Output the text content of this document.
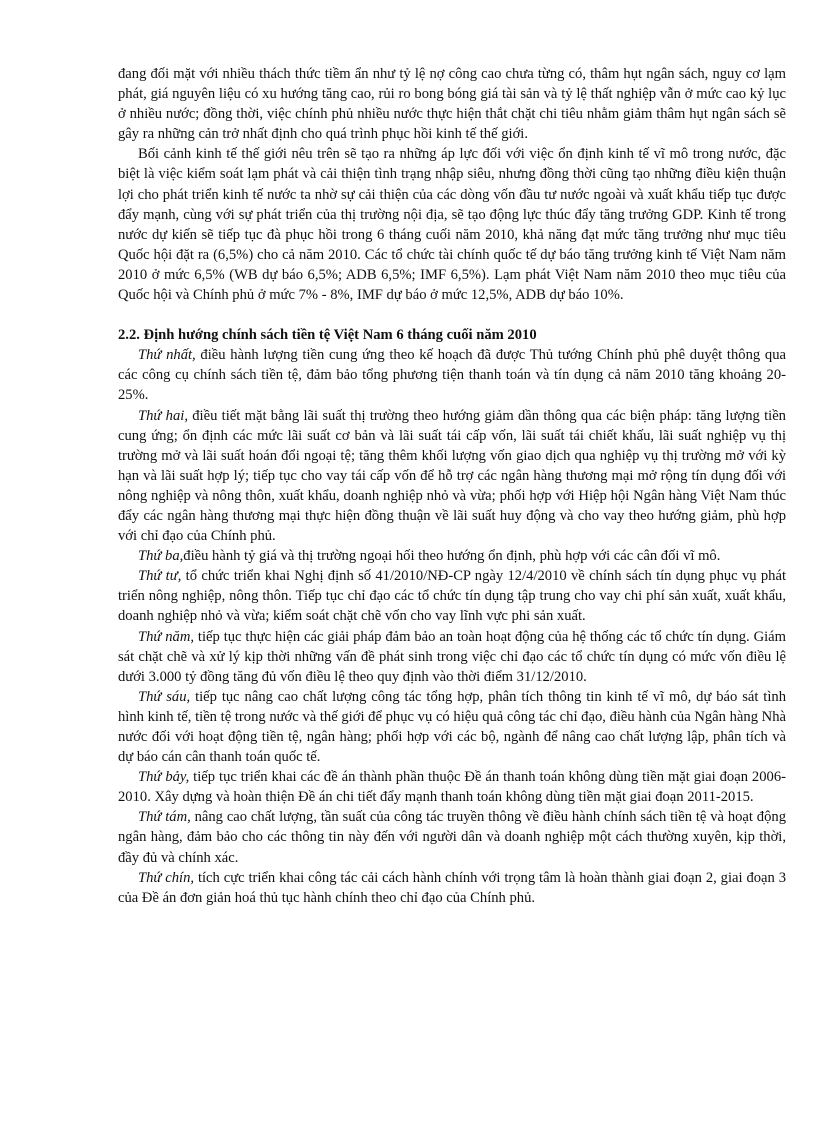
đang đối mặt với nhiều thách thức tiềm ẩn như tỷ lệ nợ công cao chưa từng có, thâm hụt ngân sách, nguy cơ lạm phát, giá nguyên liệu có xu hướng tăng cao, rủi ro bong bóng giá tài sản và tỷ lệ thất nghiệp vẫn ở mức cao kỷ lục ở nhiều nước; đồng thời, việc chính phủ nhiều nước thực hiện thắt chặt chi tiêu nhằm giảm thâm hụt ngân sách sẽ gây ra những cản trở nhất định cho quá trình phục hồi kinh tế thế giới.

Bối cảnh kinh tế thế giới nêu trên sẽ tạo ra những áp lực đối với việc ổn định kinh tế vĩ mô trong nước, đặc biệt là việc kiểm soát lạm phát và cải thiện tình trạng nhập siêu, nhưng đồng thời cũng tạo những điều kiện thuận lợi cho phát triển kinh tế nước ta nhờ sự cải thiện của các dòng vốn đầu tư nước ngoài và xuất khẩu tiếp tục được đẩy mạnh, cùng với sự phát triển của thị trường nội địa, sẽ tạo động lực thúc đẩy tăng trưởng GDP. Kinh tế trong nước dự kiến sẽ tiếp tục đà phục hồi trong 6 tháng cuối năm 2010, khả năng đạt mức tăng trưởng như mục tiêu Quốc hội đặt ra (6,5%) cho cả năm 2010. Các tổ chức tài chính quốc tế dự báo tăng trưởng kinh tế Việt Nam năm 2010 ở mức 6,5% (WB dự báo 6,5%; ADB 6,5%; IMF 6,5%). Lạm phát Việt Nam năm 2010 theo mục tiêu của Quốc hội và Chính phủ ở mức 7% - 8%, IMF dự báo ở mức 12,5%, ADB dự báo 10%.

2.2. Định hướng chính sách tiền tệ Việt Nam 6 tháng cuối năm 2010

Thứ nhất, điều hành lượng tiền cung ứng theo kế hoạch đã được Thủ tướng Chính phủ phê duyệt thông qua các công cụ chính sách tiền tệ, đảm bảo tổng phương tiện thanh toán và tín dụng cả năm 2010 tăng khoảng 20-25%.

Thứ hai, điều tiết mặt bằng lãi suất thị trường theo hướng giảm dần thông qua các biện pháp: tăng lượng tiền cung ứng; ổn định các mức lãi suất cơ bản và lãi suất tái cấp vốn, lãi suất tái chiết khấu, lãi suất nghiệp vụ thị trường mở và lãi suất hoán đổi ngoại tệ; tăng thêm khối lượng vốn giao dịch qua nghiệp vụ thị trường mở với kỳ hạn và lãi suất hợp lý; tiếp tục cho vay tái cấp vốn để hỗ trợ các ngân hàng thương mại mở rộng tín dụng đối với nông nghiệp và nông thôn, xuất khẩu, doanh nghiệp nhỏ và vừa; phối hợp với Hiệp hội Ngân hàng Việt Nam thúc đẩy các ngân hàng thương mại thực hiện đồng thuận về lãi suất huy động và cho vay theo hướng giảm, phù hợp với chỉ đạo của Chính phủ.

Thứ ba,điều hành tỷ giá và thị trường ngoại hối theo hướng ổn định, phù hợp với các cân đối vĩ mô.

Thứ tư, tổ chức triển khai Nghị định số 41/2010/NĐ-CP ngày 12/4/2010 về chính sách tín dụng phục vụ phát triển nông nghiệp, nông thôn. Tiếp tục chỉ đạo các tổ chức tín dụng tập trung cho vay chi phí sản xuất, xuất khẩu, doanh nghiệp nhỏ và vừa; kiểm soát chặt chẽ vốn cho vay lĩnh vực phi sản xuất.

Thứ năm, tiếp tục thực hiện các giải pháp đảm bảo an toàn hoạt động của hệ thống các tổ chức tín dụng. Giám sát chặt chẽ và xử lý kịp thời những vấn đề phát sinh trong việc chỉ đạo các tổ chức tín dụng có mức vốn điều lệ dưới 3.000 tỷ đồng tăng đủ vốn điều lệ theo quy định vào thời điểm 31/12/2010.

Thứ sáu, tiếp tục nâng cao chất lượng công tác tổng hợp, phân tích thông tin kinh tế vĩ mô, dự báo sát tình hình kinh tế, tiền tệ trong nước và thế giới để phục vụ có hiệu quả công tác chỉ đạo, điều hành của Ngân hàng Nhà nước đối với hoạt động tiền tệ, ngân hàng; phối hợp với các bộ, ngành để nâng cao chất lượng lập, phân tích và dự báo cán cân thanh toán quốc tế.

Thứ bảy, tiếp tục triển khai các đề án thành phần thuộc Đề án thanh toán không dùng tiền mặt giai đoạn 2006-2010. Xây dựng và hoàn thiện Đề án chi tiết đẩy mạnh thanh toán không dùng tiền mặt giai đoạn 2011-2015.

Thứ tám, nâng cao chất lượng, tần suất của công tác truyền thông về điều hành chính sách tiền tệ và hoạt động ngân hàng, đảm bảo cho các thông tin này đến với người dân và doanh nghiệp một cách thường xuyên, kịp thời, đầy đủ và chính xác.

Thứ chín, tích cực triển khai công tác cải cách hành chính với trọng tâm là hoàn thành giai đoạn 2, giai đoạn 3 của Đề án đơn giản hoá thủ tục hành chính theo chỉ đạo của Chính phủ.
